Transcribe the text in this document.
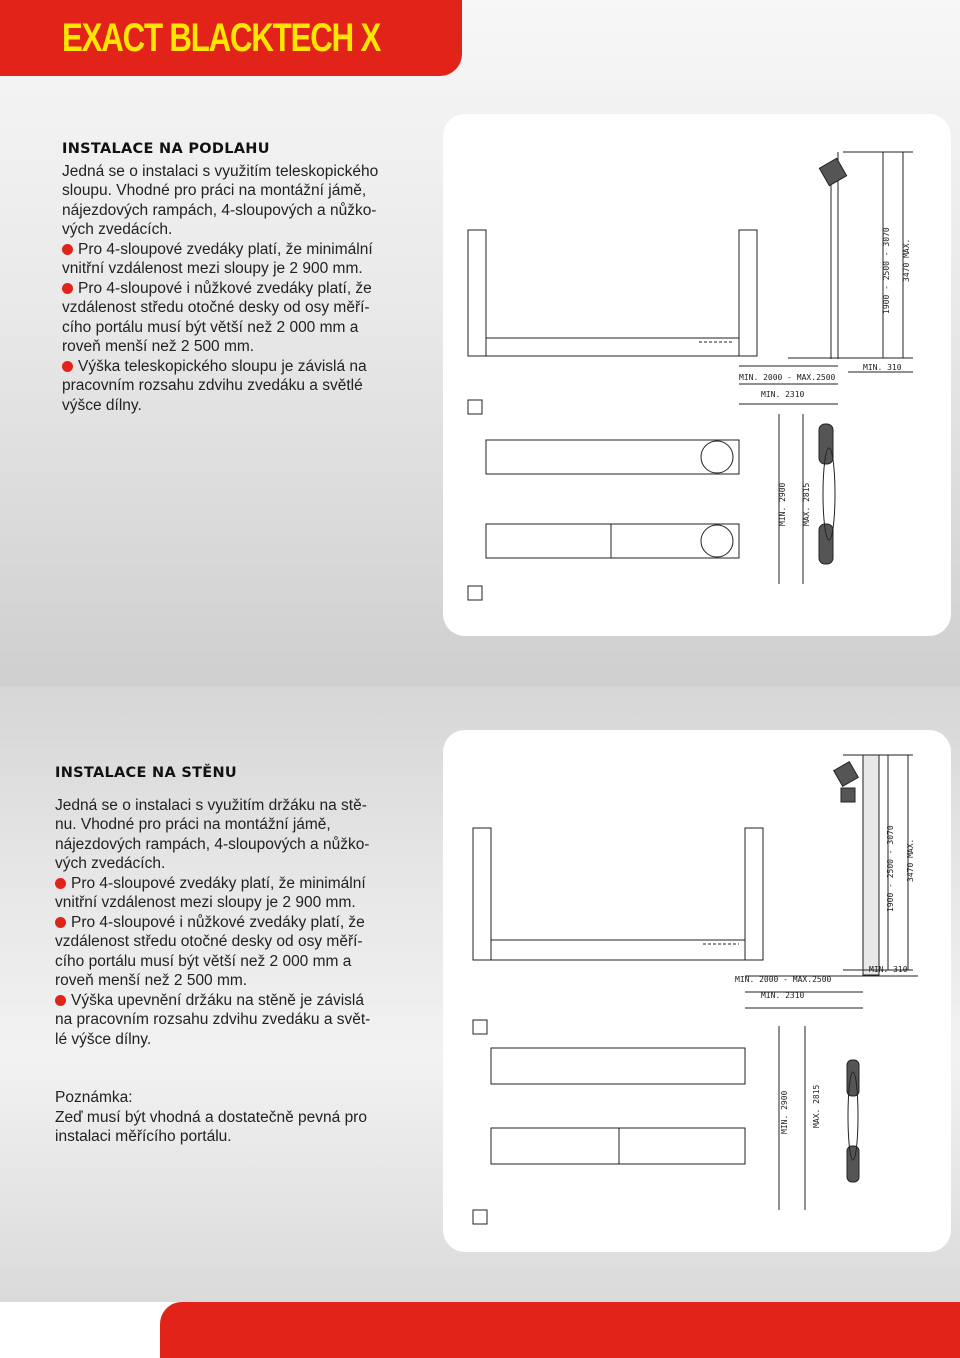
EXACT BLACKTECH X
INSTALACE NA PODLAHU

Jedná se o instalaci s využitím teleskopického
sloupu. Vhodné pro práci na montážní jámě,
nájezdových rampách, 4-sloupových a nůžko-
vých zvedácích.

Pro 4-sloupové zvedáky platí, že minimální
vnitřní vzdálenost mezi sloupy je 2 900 mm.

Pro 4-sloupové i nůžkové zvedáky platí, že
vzdálenost středu otočné desky od osy měří-
cího portálu musí být větší než 2 000 mm a
roveň menší než 2 500 mm.

Výška teleskopického sloupu je závislá na
pracovním rozsahu zdvihu zvedáku a světlé
výšce dílny.

MIN. 2000 - MAX.2500
MIN. 2310
MIN. 310
1900 - 2500 - 3070 3470 MAX.
MIN. 2900 MAX. 2815
INSTALACE NA STĚNU

Jedná se o instalaci s využitím držáku na stě-
nu. Vhodné pro práci na montážní jámě,
nájezdových rampách, 4-sloupových a nůžko-
vých zvedácích.

Pro 4-sloupové zvedáky platí, že minimální
vnitřní vzdálenost mezi sloupy je 2 900 mm.

Pro 4-sloupové i nůžkové zvedáky platí, že
vzdálenost středu otočné desky od osy měří-
cího portálu musí být větší než 2 000 mm a
roveň menší než 2 500 mm.

Výška upevnění držáku na stěně je závislá
na pracovním rozsahu zdvihu zvedáku a svět-
lé výšce dílny.

Poznámka:
Zeď musí být vhodná a dostatečně pevná pro
instalaci měřícího portálu.
MIN. 2000 - MAX.2500
MIN. 2310
MIN. 310
1900 - 2500 - 3070 3470 MAX.
MIN. 2900	MAX. 2815
